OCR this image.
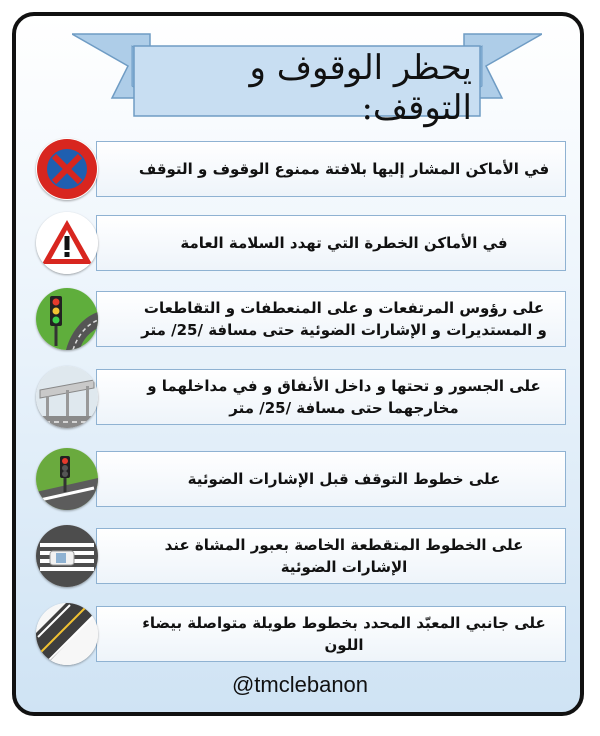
يحظر الوقوف و التوقف:
في الأماكن المشار إليها بلافتة ممنوع الوقوف و التوقف
في الأماكن الخطرة التي تهدد السلامة العامة
على رؤوس المرتفعات و على المنعطفات و التقاطعات و المستديرات و الإشارات الضوئية حتى مسافة /25/ متر
على الجسور و تحتها و داخل الأنفاق و في مداخلهما و مخارجهما حتى مسافة /25/ متر
على خطوط التوقف قبل الإشارات الضوئية
على الخطوط المتقطعة الخاصة بعبور المشاة عند الإشارات الضوئية
على جانبي المعبّد المحدد بخطوط طويلة متواصلة بيضاء اللون
@tmclebanon
